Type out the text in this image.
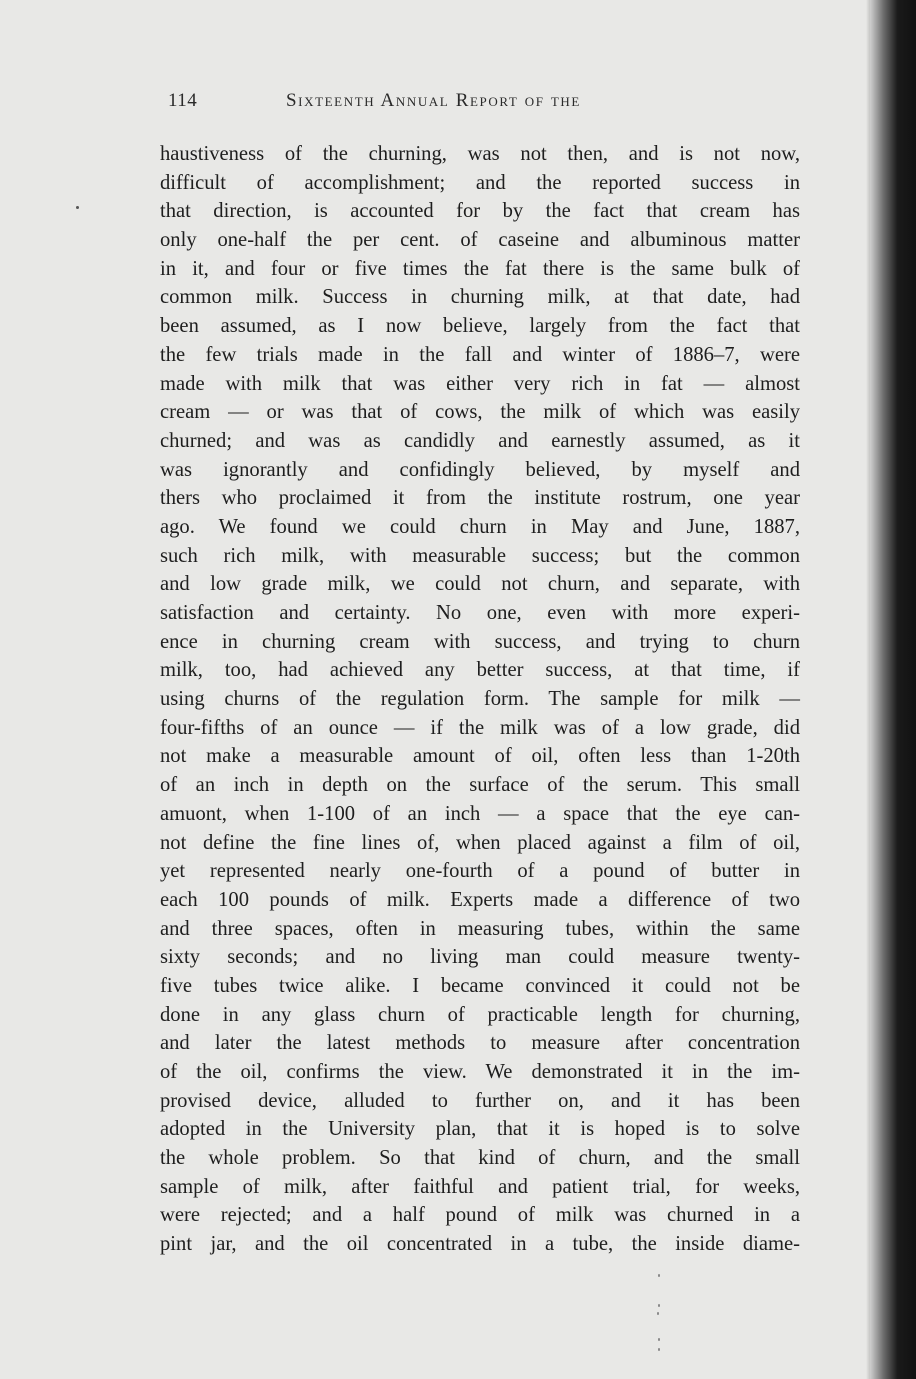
114	Sixteenth Annual Report of the
haustiveness of the churning, was not then, and is not now,
difficult of accomplishment; and the reported success in
that direction, is accounted for by the fact that cream has
only one-half the per cent. of caseine and albuminous matter
in it, and four or five times the fat there is the same bulk of
common milk. Success in churning milk, at that date, had
been assumed, as I now believe, largely from the fact that
the few trials made in the fall and winter of 1886–7, were
made with milk that was either very rich in fat — almost
cream — or was that of cows, the milk of which was easily
churned; and was as candidly and earnestly assumed, as it
was ignorantly and confidingly believed, by myself and
thers who proclaimed it from the institute rostrum, one year
ago. We found we could churn in May and June, 1887,
such rich milk, with measurable success; but the common
and low grade milk, we could not churn, and separate, with
satisfaction and certainty. No one, even with more experi-
ence in churning cream with success, and trying to churn
milk, too, had achieved any better success, at that time, if
using churns of the regulation form. The sample for milk —
four-fifths of an ounce — if the milk was of a low grade, did
not make a measurable amount of oil, often less than 1-20th
of an inch in depth on the surface of the serum. This small
amuont, when 1-100 of an inch — a space that the eye can-
not define the fine lines of, when placed against a film of oil,
yet represented nearly one-fourth of a pound of butter in
each 100 pounds of milk. Experts made a difference of two
and three spaces, often in measuring tubes, within the same
sixty seconds; and no living man could measure twenty-
five tubes twice alike. I became convinced it could not be
done in any glass churn of practicable length for churning,
and later the latest methods to measure after concentration
of the oil, confirms the view. We demonstrated it in the im-
provised device, alluded to further on, and it has been
adopted in the University plan, that it is hoped is to solve
the whole problem. So that kind of churn, and the small
sample of milk, after faithful and patient trial, for weeks,
were rejected; and a half pound of milk was churned in a
pint jar, and the oil concentrated in a tube, the inside diame-
